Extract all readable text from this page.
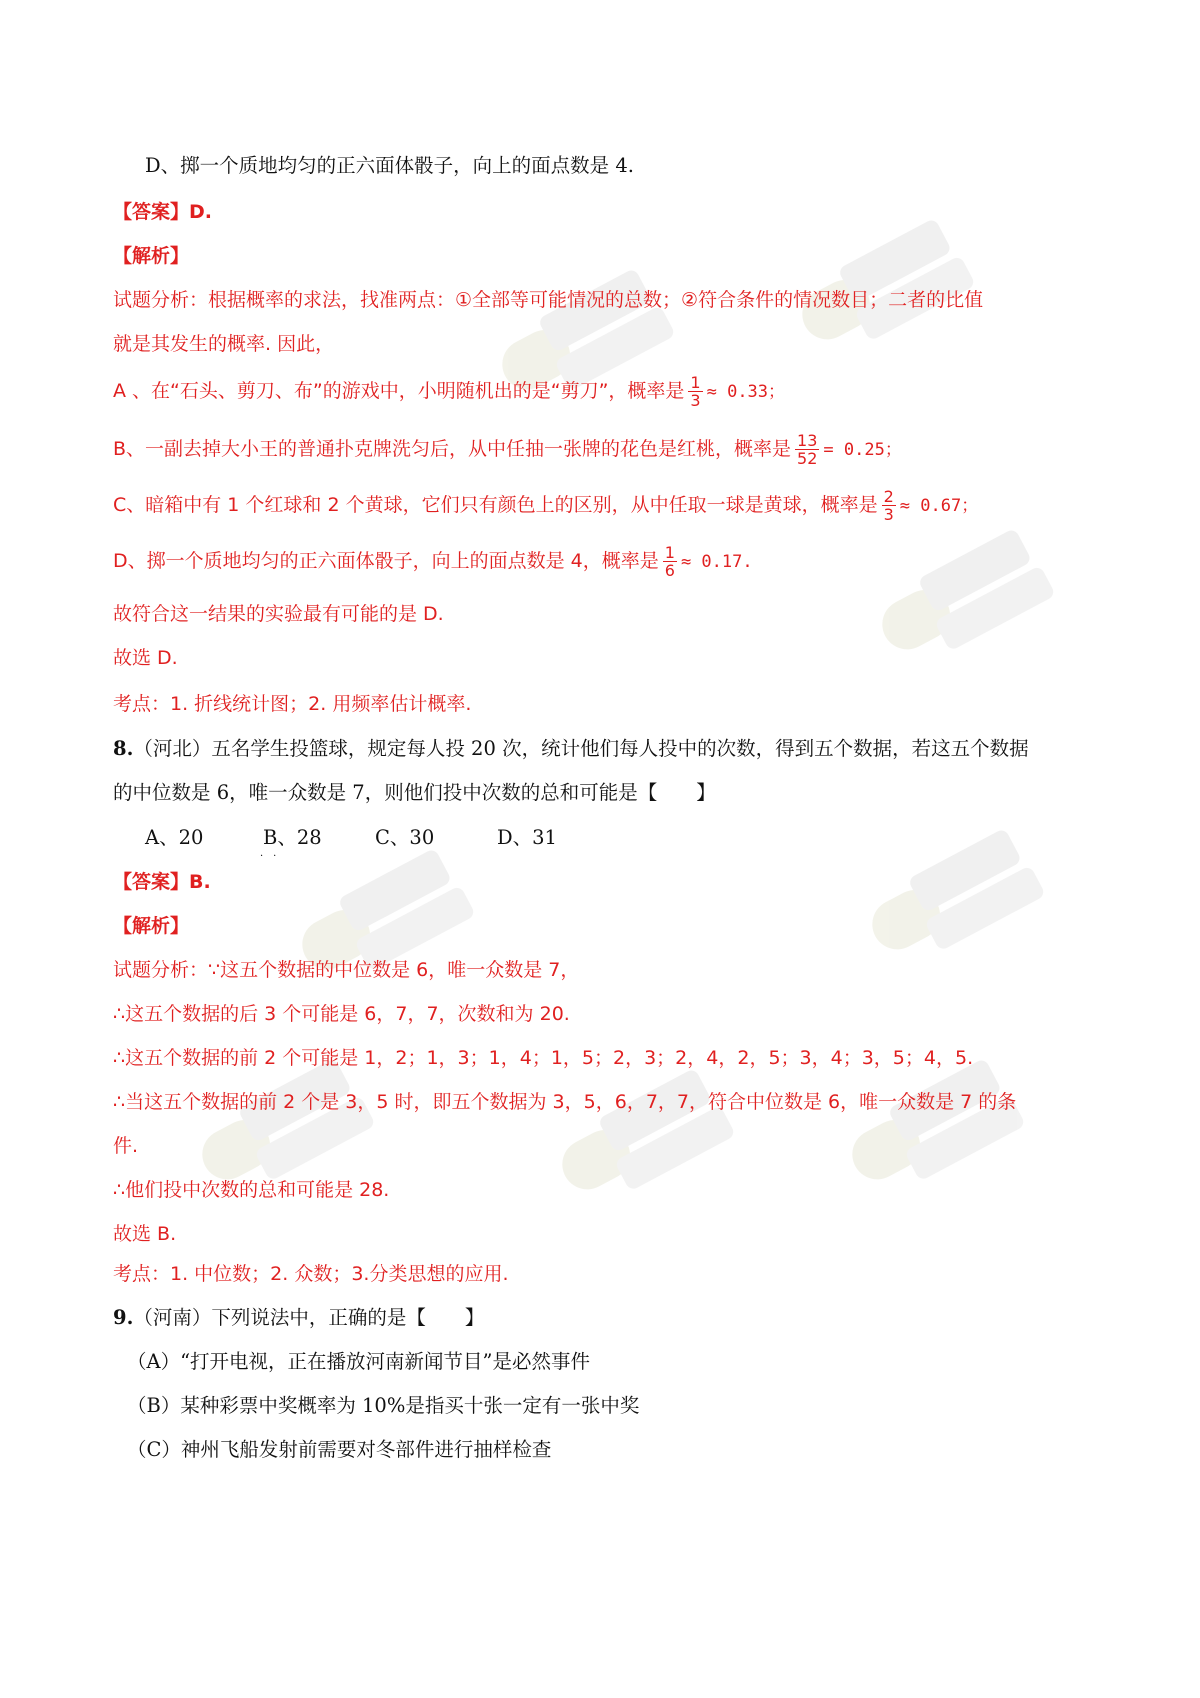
D、掷一个质地均匀的正六面体骰子，向上的面点数是 4.
【答案】D.
【解析】
试题分析：根据概率的求法，找准两点：①全部等可能情况的总数；②符合条件的情况数目；二者的比值
就是其发生的概率. 因此，
A 、在“石头、剪刀、布”的游戏中，小明随机出的是“剪刀”，概率是 $\frac{1}{3} \approx 0.33$；
B、一副去掉大小王的普通扑克牌洗匀后，从中任抽一张牌的花色是红桃，概率是 $\frac{13}{52} = 0.25$；
C、暗箱中有 1 个红球和 2 个黄球，它们只有颜色上的区别，从中任取一球是黄球，概率是 $\frac{2}{3} \approx 0.67$；
D、掷一个质地均匀的正六面体骰子，向上的面点数是 4，概率是 $\frac{1}{6} \approx 0.17$.
故符合这一结果的实验最有可能的是 D.
故选 D.
考点：1. 折线统计图；2. 用频率估计概率.
8.（河北）五名学生投篮球，规定每人投 20 次，统计他们每人投中的次数，得到五个数据，若这五个数据
的中位数是 6，唯一众数是 7，则他们投中次数的总和可能是【　　】
··
A、20	B、28	C、30	D、31
【答案】B.
【解析】
试题分析：∵这五个数据的中位数是 6，唯一众数是 7，
∴这五个数据的后 3 个可能是 6，7，7，次数和为 20.
∴这五个数据的前 2 个可能是 1，2；1，3；1，4；1，5；2，3；2，4，2，5；3，4；3，5；4，5.
∴当这五个数据的前 2 个是 3，5 时，即五个数据为 3，5，6，7，7，符合中位数是 6，唯一众数是 7 的条
件.
∴他们投中次数的总和可能是 28.
故选 B.
考点：1. 中位数；2. 众数；3.分类思想的应用.
9.（河南）下列说法中，正确的是【　　】
（A）“打开电视，正在播放河南新闻节目”是必然事件
（B）某种彩票中奖概率为 10%是指买十张一定有一张中奖
（C）神州飞船发射前需要对冬部件进行抽样检查
